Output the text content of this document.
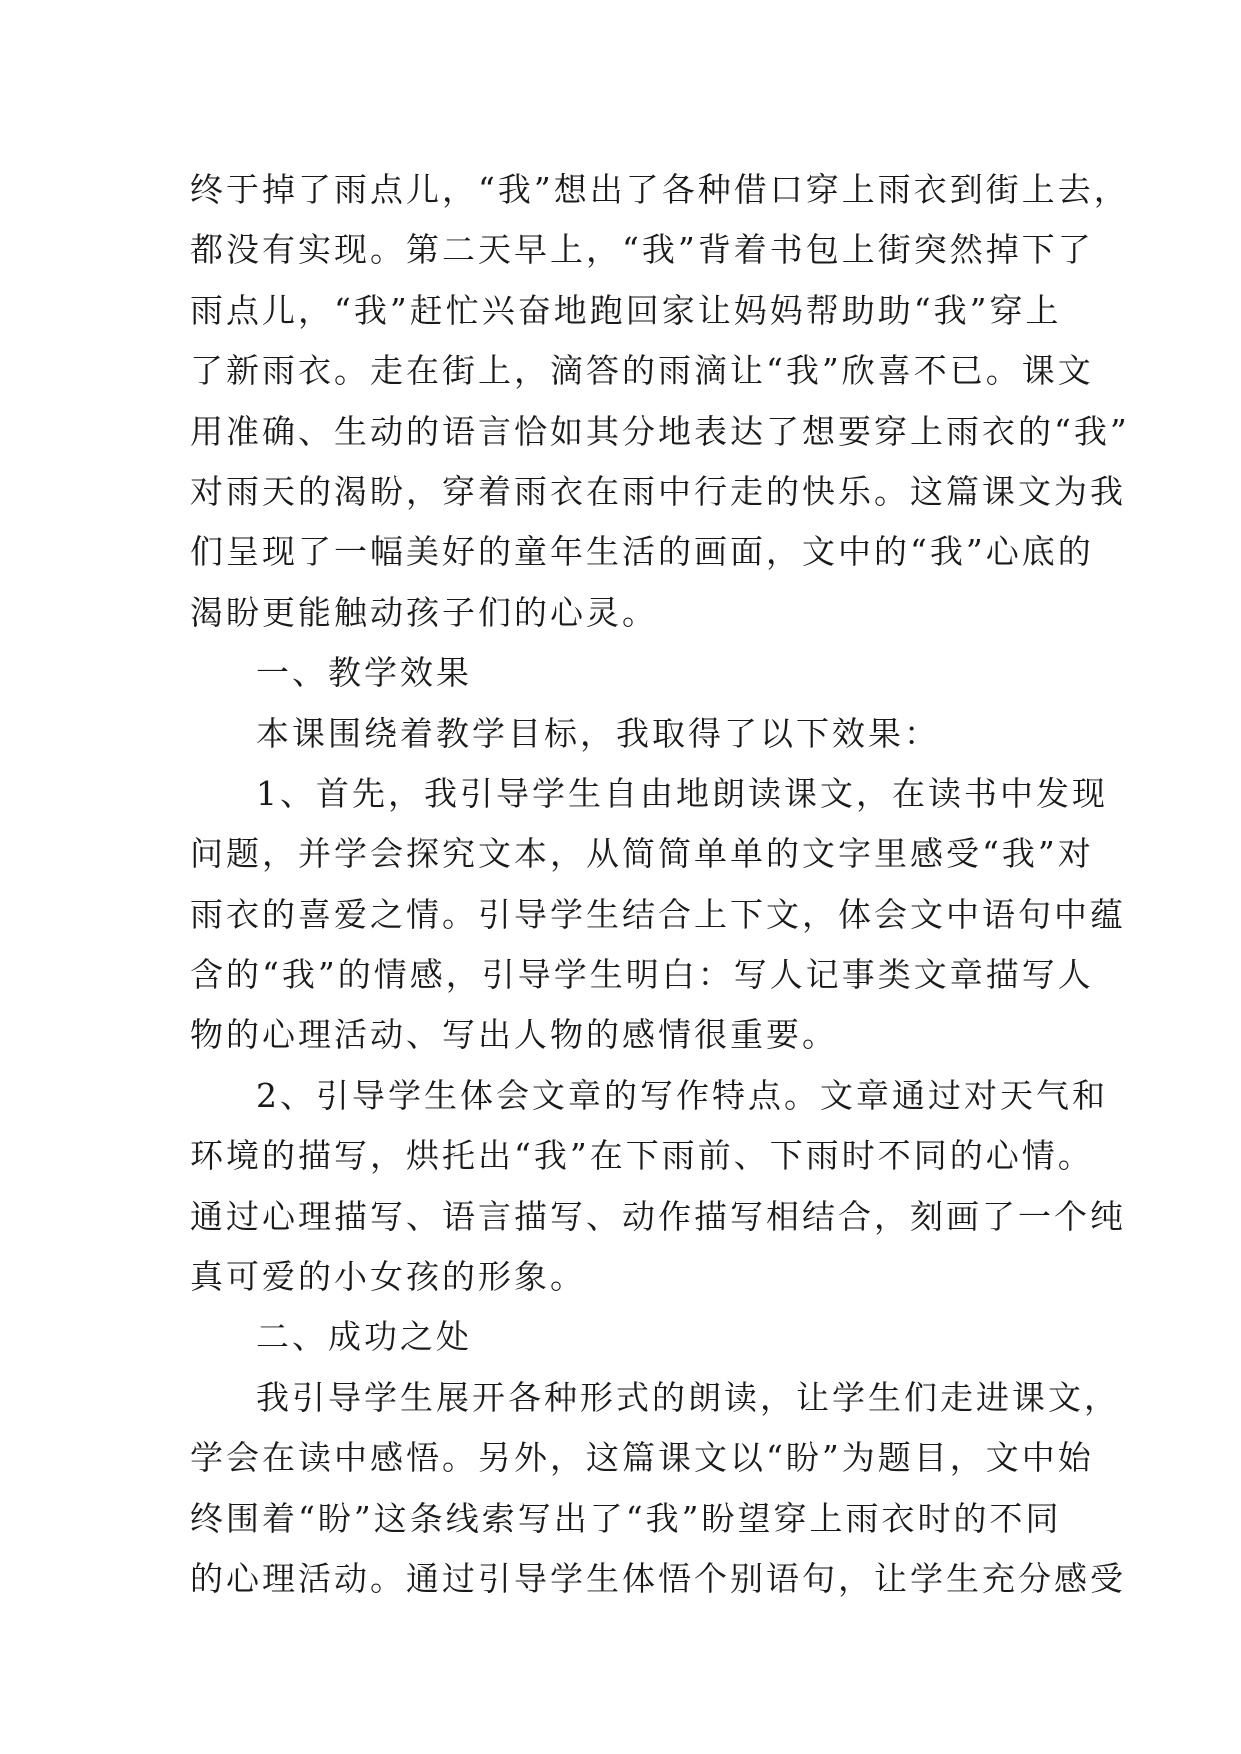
终于掉了雨点儿，“我”想出了各种借口穿上雨衣到街上去，
都没有实现。第二天早上，“我”背着书包上街突然掉下了
雨点儿，“我”赶忙兴奋地跑回家让妈妈帮助助“我”穿上
了新雨衣。走在街上，滴答的雨滴让“我”欣喜不已。课文
用准确、生动的语言恰如其分地表达了想要穿上雨衣的“我”
对雨天的渴盼，穿着雨衣在雨中行走的快乐。这篇课文为我
们呈现了一幅美好的童年生活的画面，文中的“我”心底的
渴盼更能触动孩子们的心灵。
一、教学效果
本课围绕着教学目标，我取得了以下效果：
1、首先，我引导学生自由地朗读课文，在读书中发现
问题，并学会探究文本，从简简单单的文字里感受“我”对
雨衣的喜爱之情。引导学生结合上下文，体会文中语句中蕴
含的“我”的情感，引导学生明白：写人记事类文章描写人
物的心理活动、写出人物的感情很重要。
2、引导学生体会文章的写作特点。文章通过对天气和
环境的描写，烘托出“我”在下雨前、下雨时不同的心情。
通过心理描写、语言描写、动作描写相结合，刻画了一个纯
真可爱的小女孩的形象。
二、成功之处
我引导学生展开各种形式的朗读，让学生们走进课文，
学会在读中感悟。另外，这篇课文以“盼”为题目，文中始
终围着“盼”这条线索写出了“我”盼望穿上雨衣时的不同
的心理活动。通过引导学生体悟个别语句，让学生充分感受
